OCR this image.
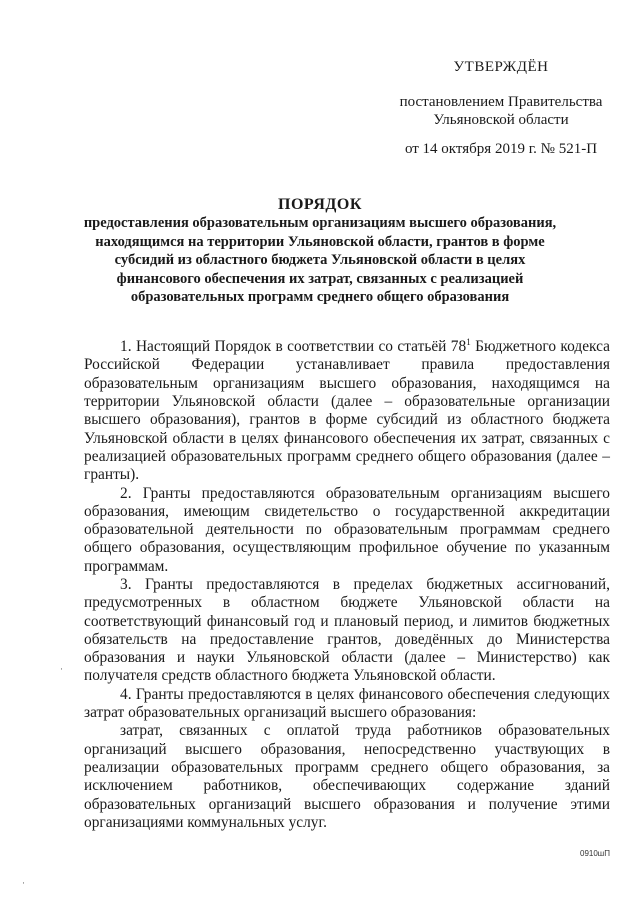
УТВЕРЖДЁН
постановлением Правительства
Ульяновской области
от 14 октября 2019 г. № 521-П
ПОРЯДОК
предоставления образовательным организациям высшего образования, находящимся на территории Ульяновской области, грантов в форме субсидий из областного бюджета Ульяновской области в целях финансового обеспечения их затрат, связанных с реализацией образовательных программ среднего общего образования

1. Настоящий Порядок в соответствии со статьёй $78^1$ Бюджетного кодекса Российской Федерации устанавливает правила предоставления образовательным организациям высшего образования, находящимся на территории Ульяновской области (далее – образовательные организации высшего образования), грантов в форме субсидий из областного бюджета Ульяновской области в целях финансового обеспечения их затрат, связанных с реализацией образовательных программ среднего общего образования (далее – гранты).

2. Гранты предоставляются образовательным организациям высшего образования, имеющим свидетельство о государственной аккредитации образовательной деятельности по образовательным программам среднего общего образования, осуществляющим профильное обучение по указанным программам.

3. Гранты предоставляются в пределах бюджетных ассигнований, предусмотренных в областном бюджете Ульяновской области на соответствующий финансовый год и плановый период, и лимитов бюджетных обязательств на предоставление грантов, доведённых до Министерства образования и науки Ульяновской области (далее – Министерство) как получателя средств областного бюджета Ульяновской области.

4. Гранты предоставляются в целях финансового обеспечения следующих затрат образовательных организаций высшего образования:

затрат, связанных с оплатой труда работников образовательных организаций высшего образования, непосредственно участвующих в реализации образовательных программ среднего общего образования, за исключением работников, обеспечивающих содержание зданий образовательных организаций высшего образования и получение этими организациями коммунальных услуг.

0910шП
·
·
